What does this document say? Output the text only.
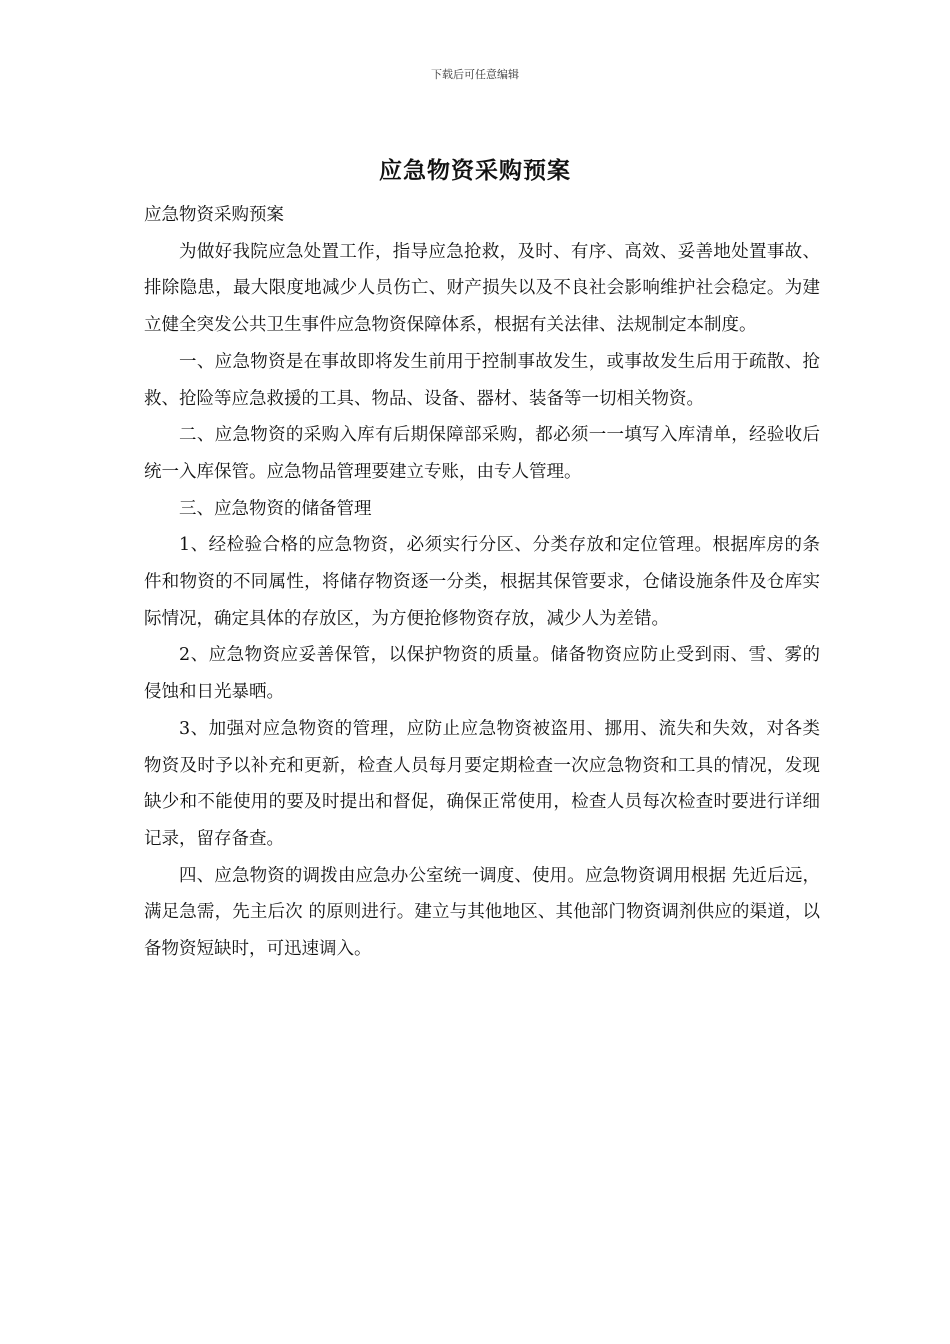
下载后可任意编辑
应急物资采购预案

应急物资采购预案

为做好我院应急处置工作，指导应急抢救，及时、有序、高效、妥善地处置事故、排除隐患，最大限度地减少人员伤亡、财产损失以及不良社会影响维护社会稳定。为建立健全突发公共卫生事件应急物资保障体系，根据有关法律、法规制定本制度。

一、应急物资是在事故即将发生前用于控制事故发生，或事故发生后用于疏散、抢救、抢险等应急救援的工具、物品、设备、器材、装备等一切相关物资。

二、应急物资的采购入库有后期保障部采购，都必须一一填写入库清单，经验收后统一入库保管。应急物品管理要建立专账，由专人管理。

三、应急物资的储备管理

1、经检验合格的应急物资，必须实行分区、分类存放和定位管理。根据库房的条件和物资的不同属性，将储存物资逐一分类，根据其保管要求，仓储设施条件及仓库实际情况，确定具体的存放区，为方便抢修物资存放，减少人为差错。

2、应急物资应妥善保管，以保护物资的质量。储备物资应防止受到雨、雪、雾的侵蚀和日光暴晒。

3、加强对应急物资的管理，应防止应急物资被盗用、挪用、流失和失效，对各类物资及时予以补充和更新，检查人员每月要定期检查一次应急物资和工具的情况，发现缺少和不能使用的要及时提出和督促，确保正常使用，检查人员每次检查时要进行详细记录，留存备查。

四、应急物资的调拨由应急办公室统一调度、使用。应急物资调用根据 先近后远，满足急需，先主后次 的原则进行。建立与其他地区、其他部门物资调剂供应的渠道，以备物资短缺时，可迅速调入。
